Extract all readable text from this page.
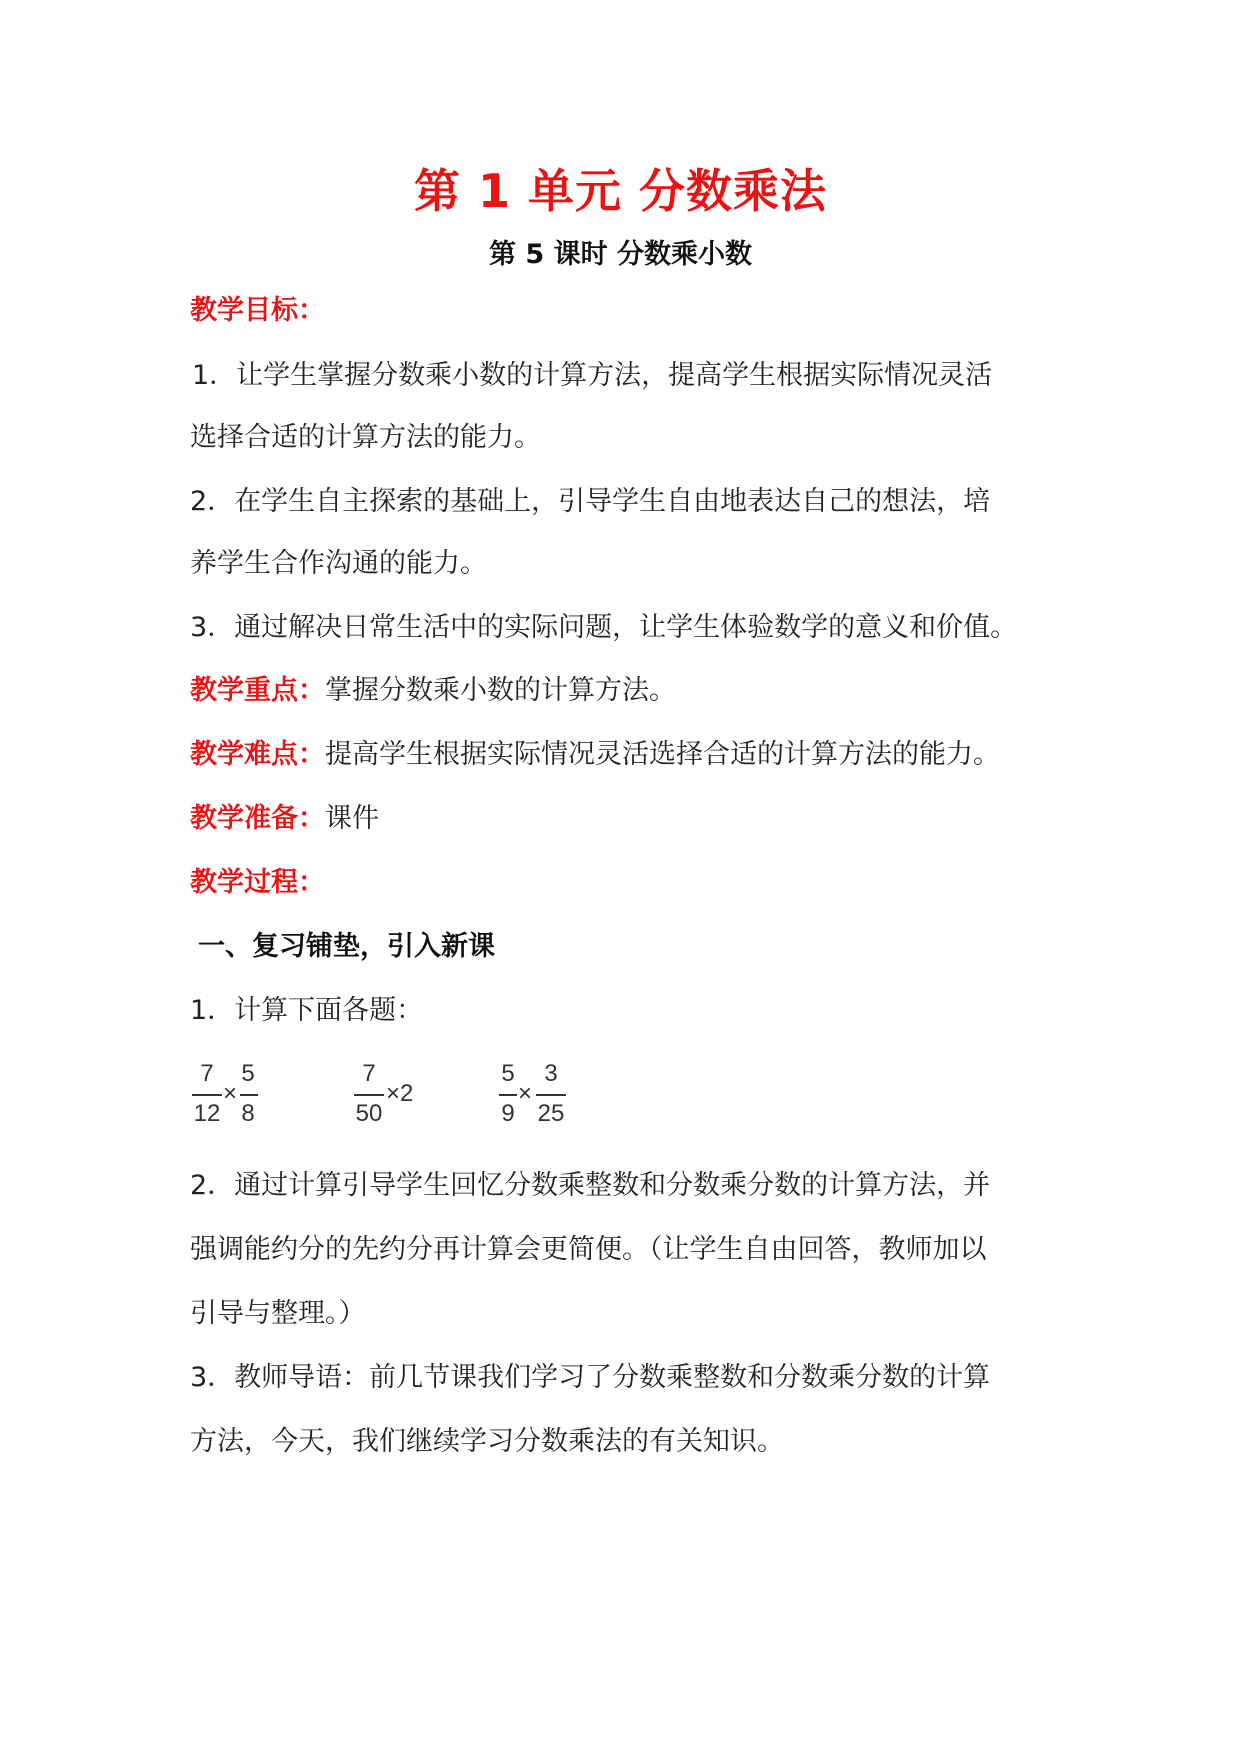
第 1 单元 分数乘法
第 5 课时 分数乘小数
教学目标：
1．让学生掌握分数乘小数的计算方法，提高学生根据实际情况灵活
选择合适的计算方法的能力。
2．在学生自主探索的基础上，引导学生自由地表达自己的想法，培
养学生合作沟通的能力。
3．通过解决日常生活中的实际问题，让学生体验数学的意义和价值。
教学重点：掌握分数乘小数的计算方法。
教学难点：提高学生根据实际情况灵活选择合适的计算方法的能力。
教学准备：课件
教学过程：
一、复习铺垫，引入新课
1．计算下面各题：
7
12
×
5
8
7
50
×2
5
9
×
3
25
2．通过计算引导学生回忆分数乘整数和分数乘分数的计算方法，并
强调能约分的先约分再计算会更简便。（让学生自由回答，教师加以
引导与整理。）
3．教师导语：前几节课我们学习了分数乘整数和分数乘分数的计算
方法，今天，我们继续学习分数乘法的有关知识。
